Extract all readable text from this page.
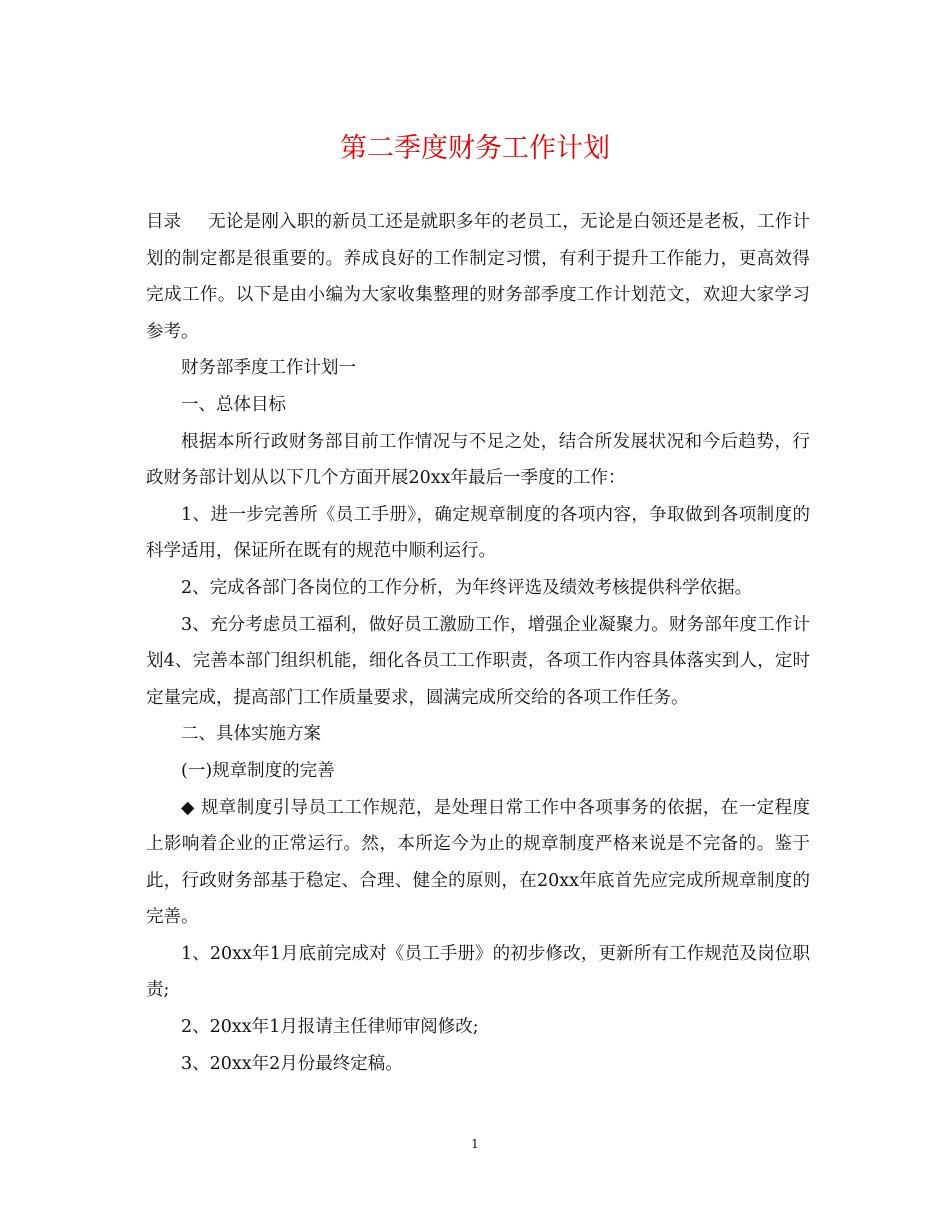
第二季度财务工作计划

目录 无论是刚入职的新员工还是就职多年的老员工，无论是白领还是老板，工作计划的制定都是很重要的。养成良好的工作制定习惯，有利于提升工作能力，更高效得完成工作。以下是由小编为大家收集整理的财务部季度工作计划范文，欢迎大家学习参考。

财务部季度工作计划一

一、总体目标

根据本所行政财务部目前工作情况与不足之处，结合所发展状况和今后趋势，行政财务部计划从以下几个方面开展20xx年最后一季度的工作：

1、进一步完善所《员工手册》，确定规章制度的各项内容，争取做到各项制度的科学适用，保证所在既有的规范中顺利运行。

2、完成各部门各岗位的工作分析，为年终评选及绩效考核提供科学依据。

3、充分考虑员工福利，做好员工激励工作，增强企业凝聚力。财务部年度工作计划4、完善本部门组织机能，细化各员工工作职责，各项工作内容具体落实到人，定时定量完成，提高部门工作质量要求，圆满完成所交给的各项工作任务。

二、具体实施方案

(一)规章制度的完善

◆ 规章制度引导员工工作规范，是处理日常工作中各项事务的依据，在一定程度上影响着企业的正常运行。然，本所迄今为止的规章制度严格来说是不完备的。鉴于此，行政财务部基于稳定、合理、健全的原则，在20xx年底首先应完成所规章制度的完善。

1、20xx年1月底前完成对《员工手册》的初步修改，更新所有工作规范及岗位职责;

2、20xx年1月报请主任律师审阅修改;

3、20xx年2月份最终定稿。

1
